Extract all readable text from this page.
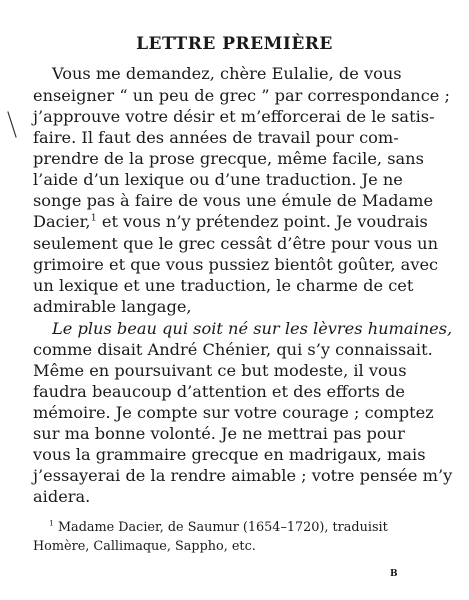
LETTRE PREMIÈRE
Vous me demandez, chère Eulalie, de vous
enseigner “ un peu de grec ” par correspondance ;
j’approuve votre désir et m’efforcerai de le satis-
faire. Il faut des années de travail pour com-
prendre de la prose grecque, même facile, sans
l’aide d’un lexique ou d’une traduction. Je ne
songe pas à faire de vous une émule de Madame
Dacier,$^1$ et vous n’y prétendez point. Je voudrais
seulement que le grec cessât d’être pour vous un
grimoire et que vous pussiez bientôt goûter, avec
un lexique et une traduction, le charme de cet
admirable langage,
Le plus beau qui soit né sur les lèvres humaines,
comme disait André Chénier, qui s’y connaissait.
Même en poursuivant ce but modeste, il vous
faudra beaucoup d’attention et des efforts de
mémoire. Je compte sur votre courage ; comptez
sur ma bonne volonté. Je ne mettrai pas pour
vous la grammaire grecque en madrigaux, mais
j’essayerai de la rendre aimable ; votre pensée m’y
aidera.
$^1$ Madame Dacier, de Saumur (1654–1720), traduisit
Homère, Callimaque, Sappho, etc.
B
